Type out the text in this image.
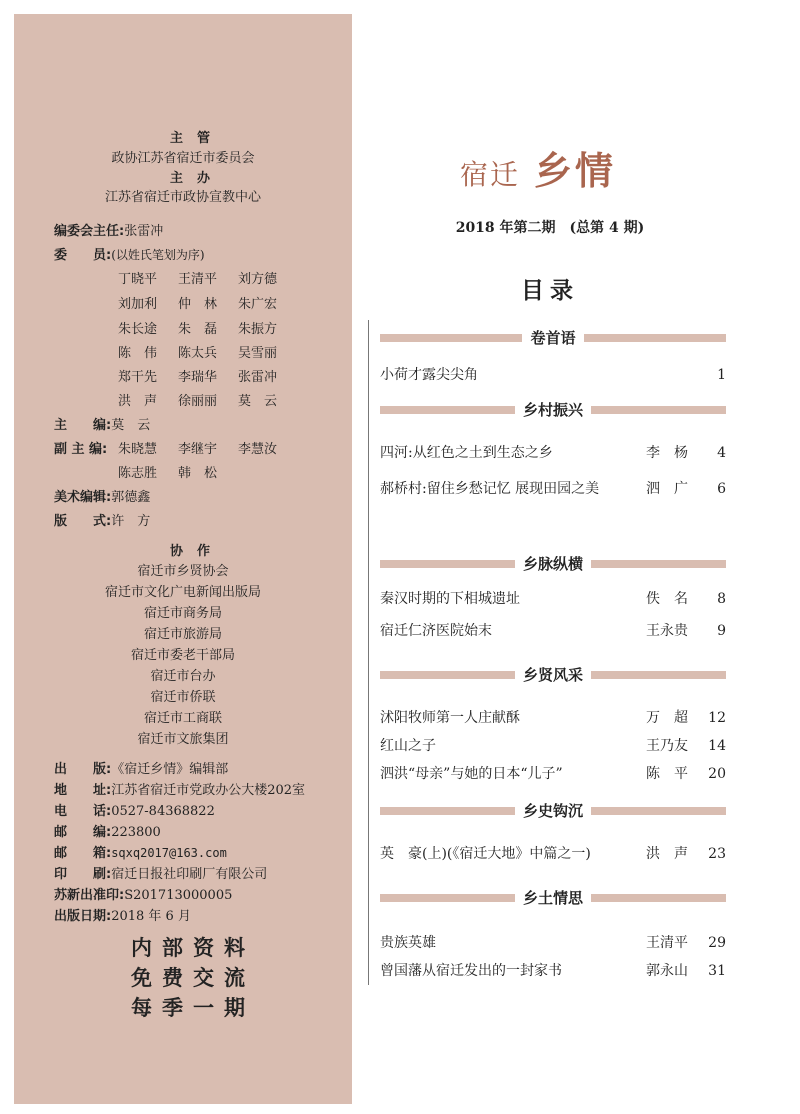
主管
政协江苏省宿迁市委员会
主办
江苏省宿迁市政协宣教中心
编委会主任:张雷冲
委　　员:(以姓氏笔划为序)
丁晓平 王清平 刘方德
刘加利 仲　林 朱广宏
朱长途 朱　磊 朱振方
陈　伟 陈太兵 吴雪丽
郑干先 李瑞华 张雷冲
洪　声 徐丽丽 莫　云
主　　编:莫　云
副 主 编: 朱晓慧 李继宇 李慧汝
陈志胜 韩　松
美术编辑:郭德鑫
版　　式:许　方
协作
宿迁市乡贤协会
宿迁市文化广电新闻出版局
宿迁市商务局
宿迁市旅游局
宿迁市委老干部局
宿迁市台办
宿迁市侨联
宿迁市工商联
宿迁市文旅集团
出　　版:《宿迁乡情》编辑部
地　　址:江苏省宿迁市党政办公大楼202室
电　　话:0527-84368822
邮　　编:223800
邮　　箱:sqxq2017@163.com
印　　刷:宿迁日报社印刷厂有限公司
苏新出准印:S201713000005
出版日期:2018 年 6 月
内部资料
免费交流
每季一期
宿迁 乡情
2018 年第二期　(总第 4 期)
目录
卷首语
小荷才露尖尖角	1
乡村振兴
四河:从红色之土到生态之乡	李　杨 4
郝桥村:留住乡愁记忆 展现田园之美	泗　广 6
乡脉纵横
秦汉时期的下相城遗址	佚　名 8
宿迁仁济医院始末	王永贵 9
乡贤风采
沭阳牧师第一人庄献酥	万　超 12
红山之子	王乃友 14
泗洪“母亲”与她的日本“儿子”	陈　平 20
乡史钩沉
英　豪(上)(《宿迁大地》中篇之一)	洪　声 23
乡土情思
贵族英雄	王清平 29
曾国藩从宿迁发出的一封家书	郭永山 31
